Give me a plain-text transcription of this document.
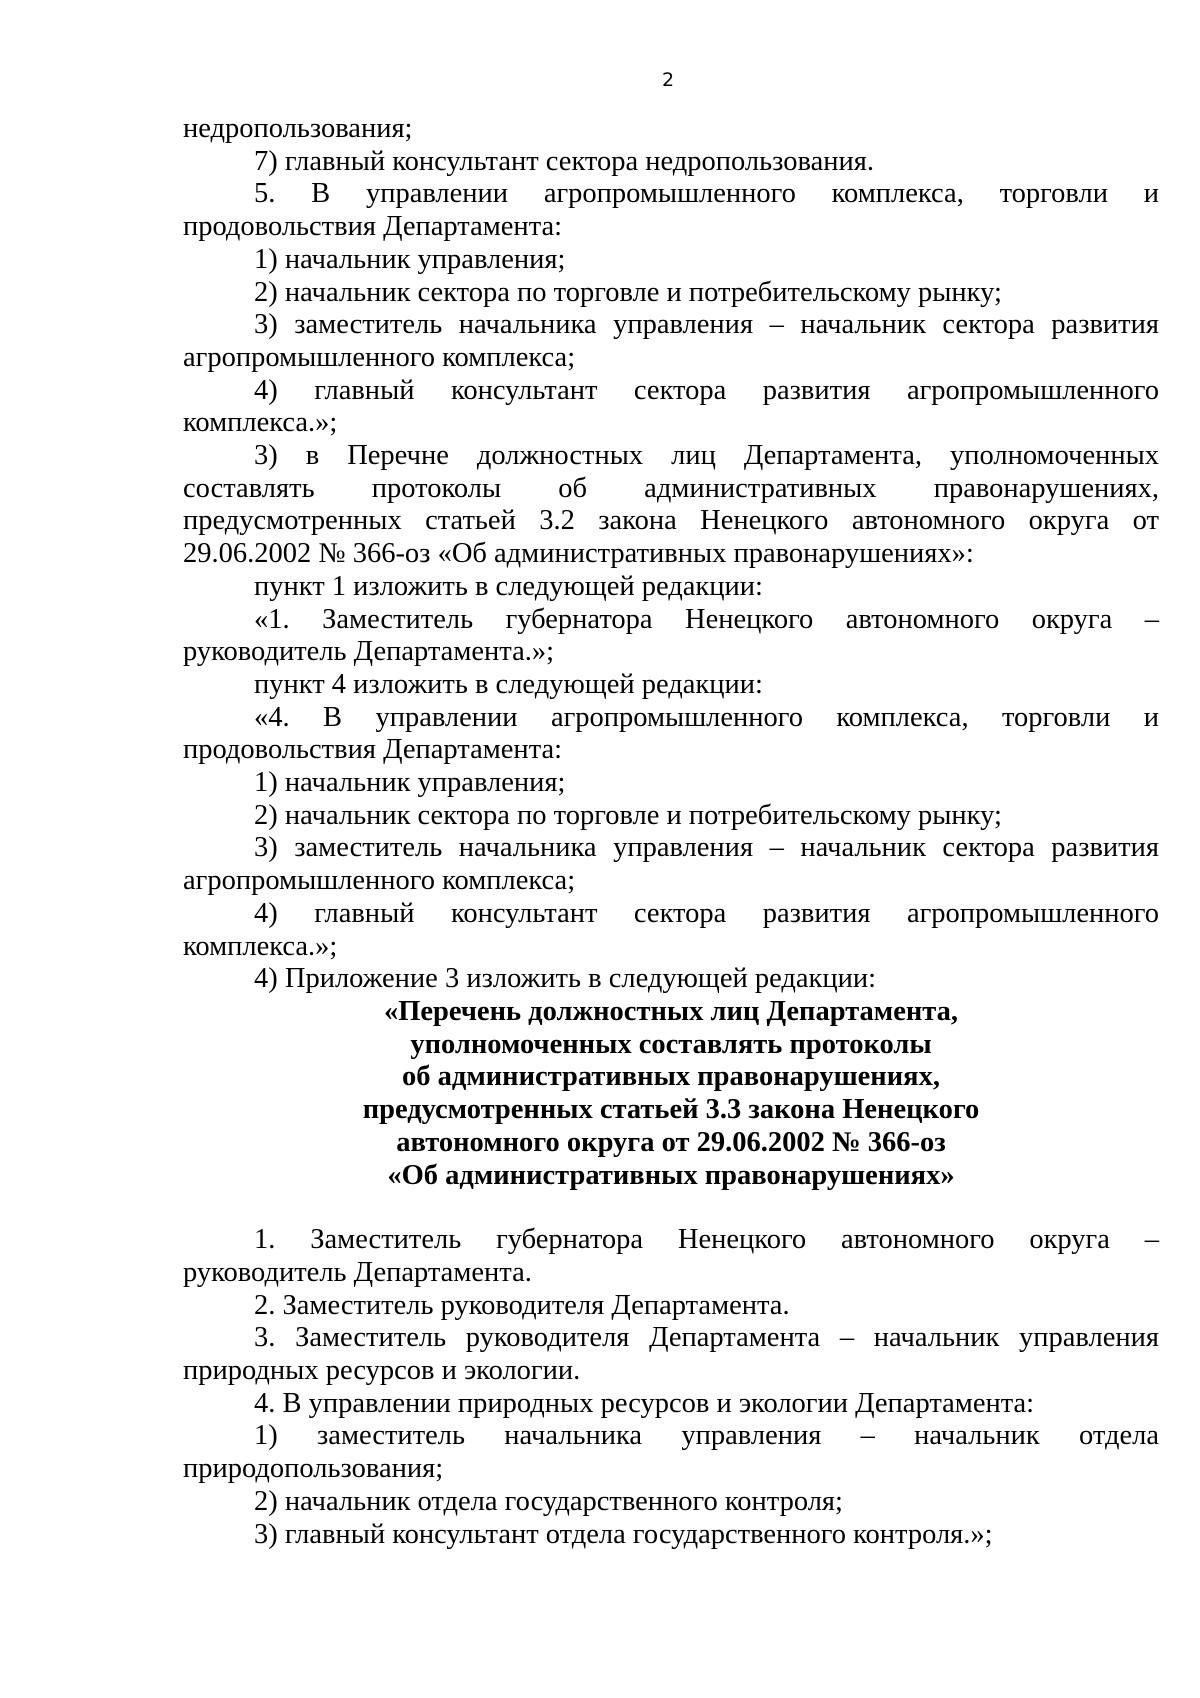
2

недропользования;

7) главный консультант сектора недропользования.

5. В управлении агропромышленного комплекса, торговли и продовольствия Департамента:

1) начальник управления;

2) начальник сектора по торговле и потребительскому рынку;

3) заместитель начальника управления – начальник сектора развития агропромышленного комплекса;

4) главный консультант сектора развития агропромышленного комплекса.»;

3) в Перечне должностных лиц Департамента, уполномоченных составлять протоколы об административных правонарушениях, предусмотренных статьей 3.2 закона Ненецкого автономного округа от 29.06.2002 № 366-оз «Об административных правонарушениях»:

пункт 1 изложить в следующей редакции:

«1. Заместитель губернатора Ненецкого автономного округа – руководитель Департамента.»;

пункт 4 изложить в следующей редакции:

«4. В управлении агропромышленного комплекса, торговли и продовольствия Департамента:

1) начальник управления;

2) начальник сектора по торговле и потребительскому рынку;

3) заместитель начальника управления – начальник сектора развития агропромышленного комплекса;

4) главный консультант сектора развития агропромышленного комплекса.»;

4) Приложение 3 изложить в следующей редакции:

«Перечень должностных лиц Департамента,

уполномоченных составлять протоколы

об административных правонарушениях,

предусмотренных статьей 3.3 закона Ненецкого

автономного округа от 29.06.2002 № 366-оз

«Об административных правонарушениях»

1. Заместитель губернатора Ненецкого автономного округа – руководитель Департамента.

2. Заместитель руководителя Департамента.

3. Заместитель руководителя Департамента – начальник управления природных ресурсов и экологии.

4. В управлении природных ресурсов и экологии Департамента:

1) заместитель начальника управления – начальник отдела природопользования;

2) начальник отдела государственного контроля;

3) главный консультант отдела государственного контроля.»;
